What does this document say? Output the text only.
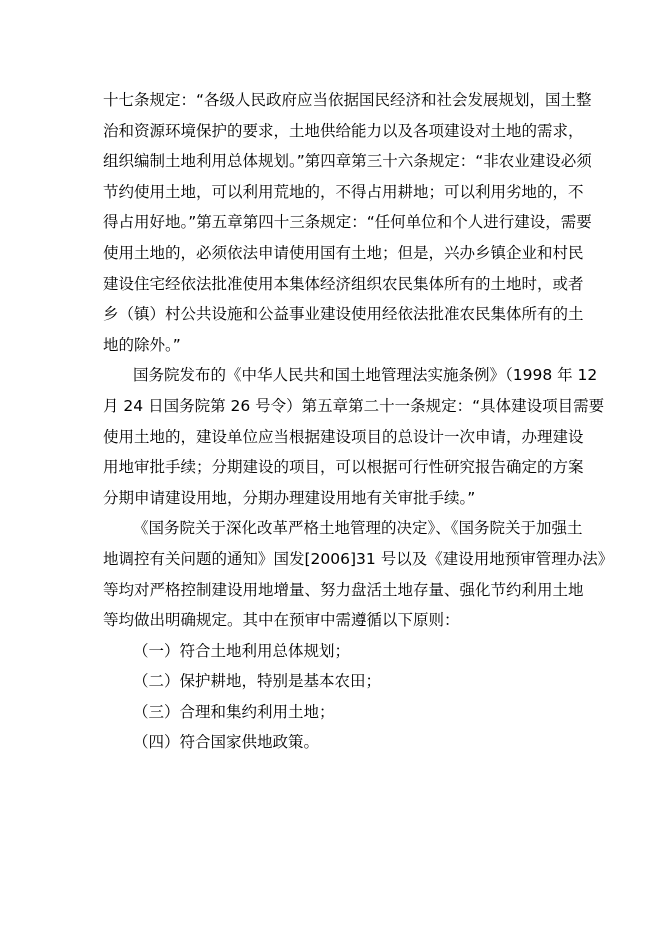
十七条规定：“各级人民政府应当依据国民经济和社会发展规划，国土整
治和资源环境保护的要求，土地供给能力以及各项建设对土地的需求，
组织编制土地利用总体规划。”第四章第三十六条规定：“非农业建设必须
节约使用土地，可以利用荒地的，不得占用耕地；可以利用劣地的，不
得占用好地。”第五章第四十三条规定：“任何单位和个人进行建设，需要
使用土地的，必须依法申请使用国有土地；但是，兴办乡镇企业和村民
建设住宅经依法批准使用本集体经济组织农民集体所有的土地时，或者
乡（镇）村公共设施和公益事业建设使用经依法批准农民集体所有的土
地的除外。”
国务院发布的《中华人民共和国土地管理法实施条例》（1998 年 12
月 24 日国务院第 26 号令）第五章第二十一条规定：“具体建设项目需要
使用土地的，建设单位应当根据建设项目的总设计一次申请，办理建设
用地审批手续；分期建设的项目，可以根据可行性研究报告确定的方案
分期申请建设用地，分期办理建设用地有关审批手续。”
《国务院关于深化改革严格土地管理的决定》、《国务院关于加强土
地调控有关问题的通知》国发[2006]31 号以及《建设用地预审管理办法》
等均对严格控制建设用地增量、努力盘活土地存量、强化节约利用土地
等均做出明确规定。其中在预审中需遵循以下原则：
（一）符合土地利用总体规划；
（二）保护耕地，特别是基本农田；
（三）合理和集约利用土地；
（四）符合国家供地政策。
